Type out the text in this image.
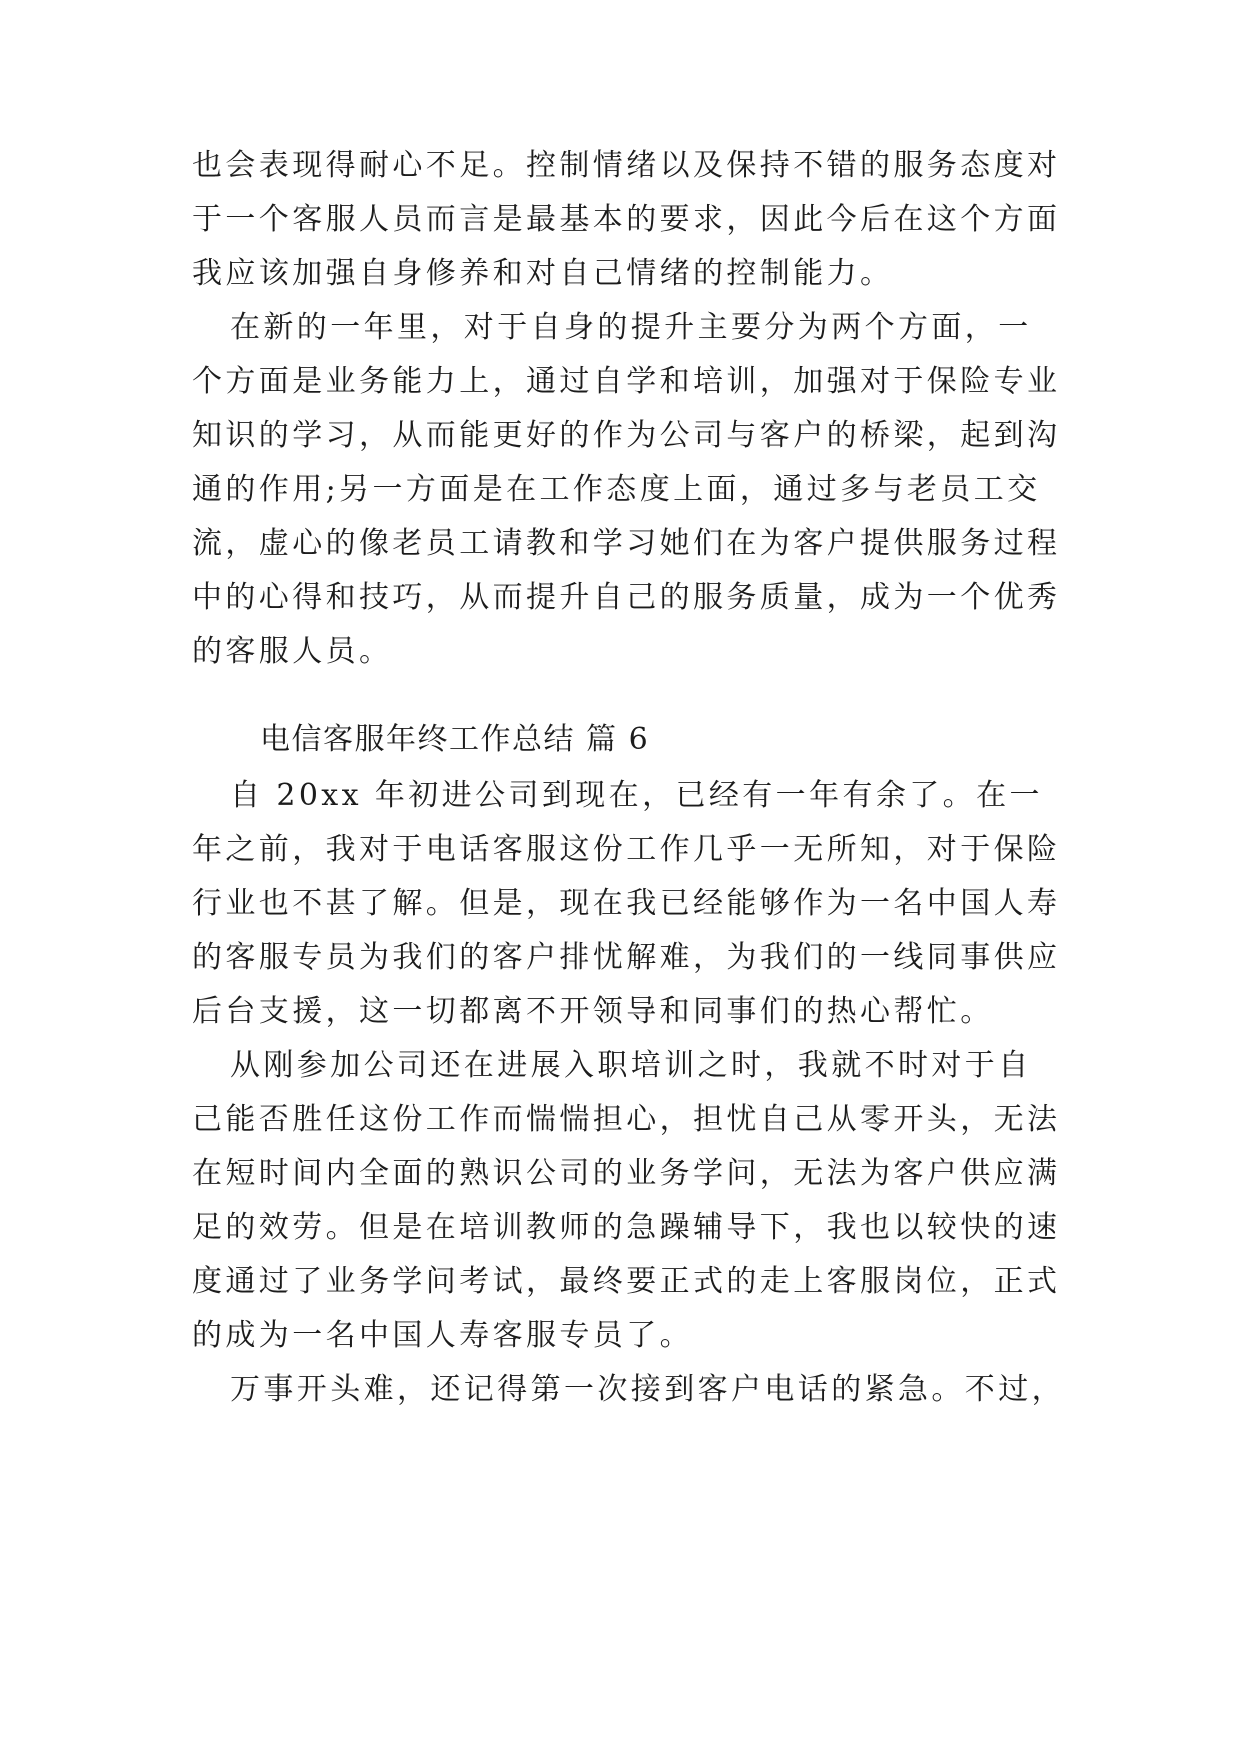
也会表现得耐心不足。控制情绪以及保持不错的服务态度对
于一个客服人员而言是最基本的要求，因此今后在这个方面
我应该加强自身修养和对自己情绪的控制能力。
在新的一年里，对于自身的提升主要分为两个方面，一
个方面是业务能力上，通过自学和培训，加强对于保险专业
知识的学习，从而能更好的作为公司与客户的桥梁，起到沟
通的作用;另一方面是在工作态度上面，通过多与老员工交
流，虚心的像老员工请教和学习她们在为客户提供服务过程
中的心得和技巧，从而提升自己的服务质量，成为一个优秀
的客服人员。
电信客服年终工作总结 篇 6
自 20xx 年初进公司到现在，已经有一年有余了。在一
年之前，我对于电话客服这份工作几乎一无所知，对于保险
行业也不甚了解。但是，现在我已经能够作为一名中国人寿
的客服专员为我们的客户排忧解难，为我们的一线同事供应
后台支援，这一切都离不开领导和同事们的热心帮忙。
从刚参加公司还在进展入职培训之时，我就不时对于自
己能否胜任这份工作而惴惴担心，担忧自己从零开头，无法
在短时间内全面的熟识公司的业务学问，无法为客户供应满
足的效劳。但是在培训教师的急躁辅导下，我也以较快的速
度通过了业务学问考试，最终要正式的走上客服岗位，正式
的成为一名中国人寿客服专员了。
万事开头难，还记得第一次接到客户电话的紧急。不过，
